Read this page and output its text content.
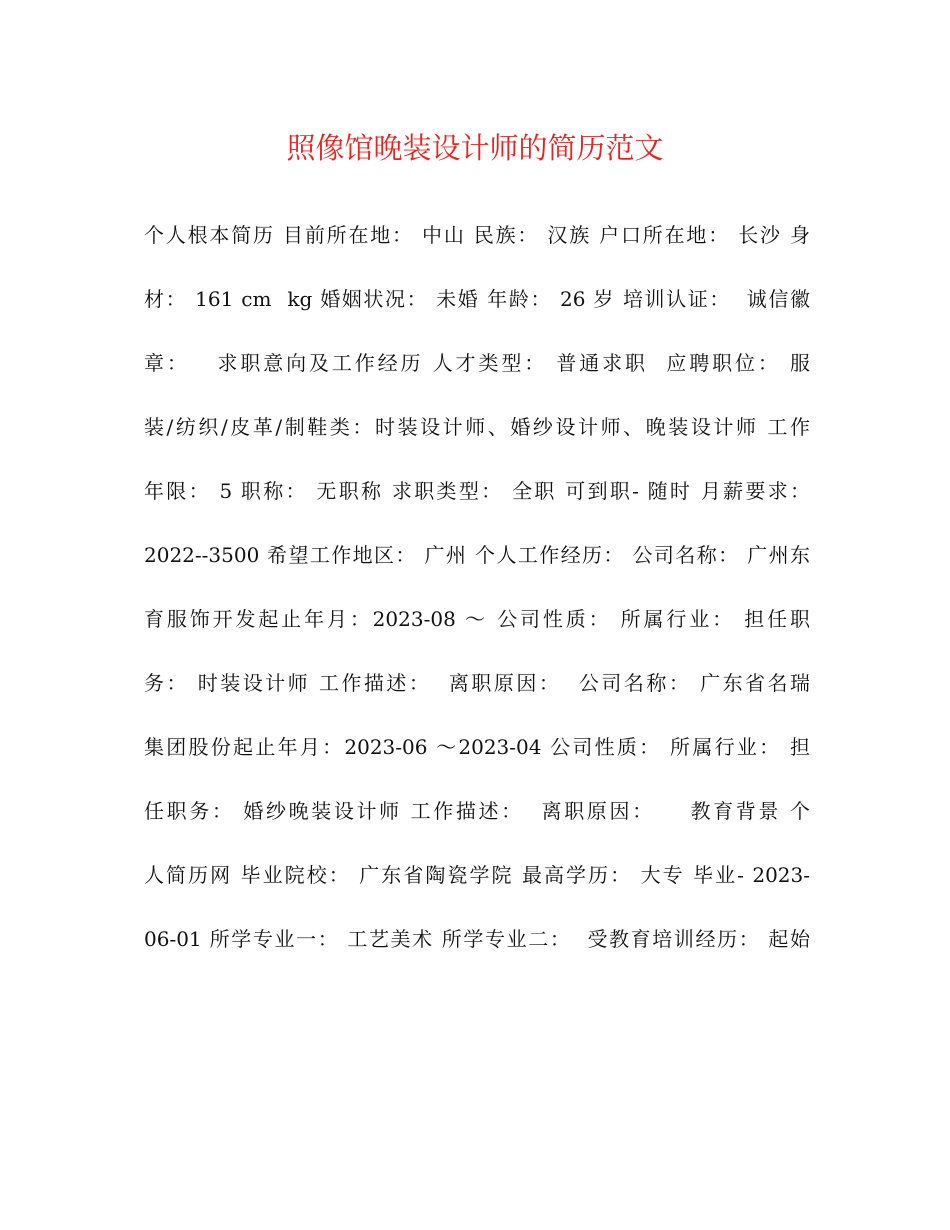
照像馆晚装设计师的简历范文
个人根本简历 目前所在地： 中山 民族： 汉族 户口所在地： 长沙 身
材： 161 cm  kg 婚姻状况： 未婚 年龄： 26 岁 培训认证：  诚信徽
章：   求职意向及工作经历 人才类型： 普通求职  应聘职位： 服
装/纺织/皮革/制鞋类：时装设计师、婚纱设计师、晚装设计师 工作
年限： 5 职称： 无职称 求职类型： 全职 可到职- 随时 月薪要求：
2022--3500 希望工作地区： 广州 个人工作经历： 公司名称： 广州东
育服饰开发起止年月：2023-08 ～ 公司性质： 所属行业： 担任职
务： 时装设计师 工作描述：  离职原因：  公司名称： 广东省名瑞
集团股份起止年月：2023-06 ～2023-04 公司性质： 所属行业： 担
任职务： 婚纱晚装设计师 工作描述：  离职原因：    教育背景 个
人简历网 毕业院校： 广东省陶瓷学院 最高学历： 大专 毕业- 2023-
06-01 所学专业一： 工艺美术 所学专业二：  受教育培训经历： 起始
